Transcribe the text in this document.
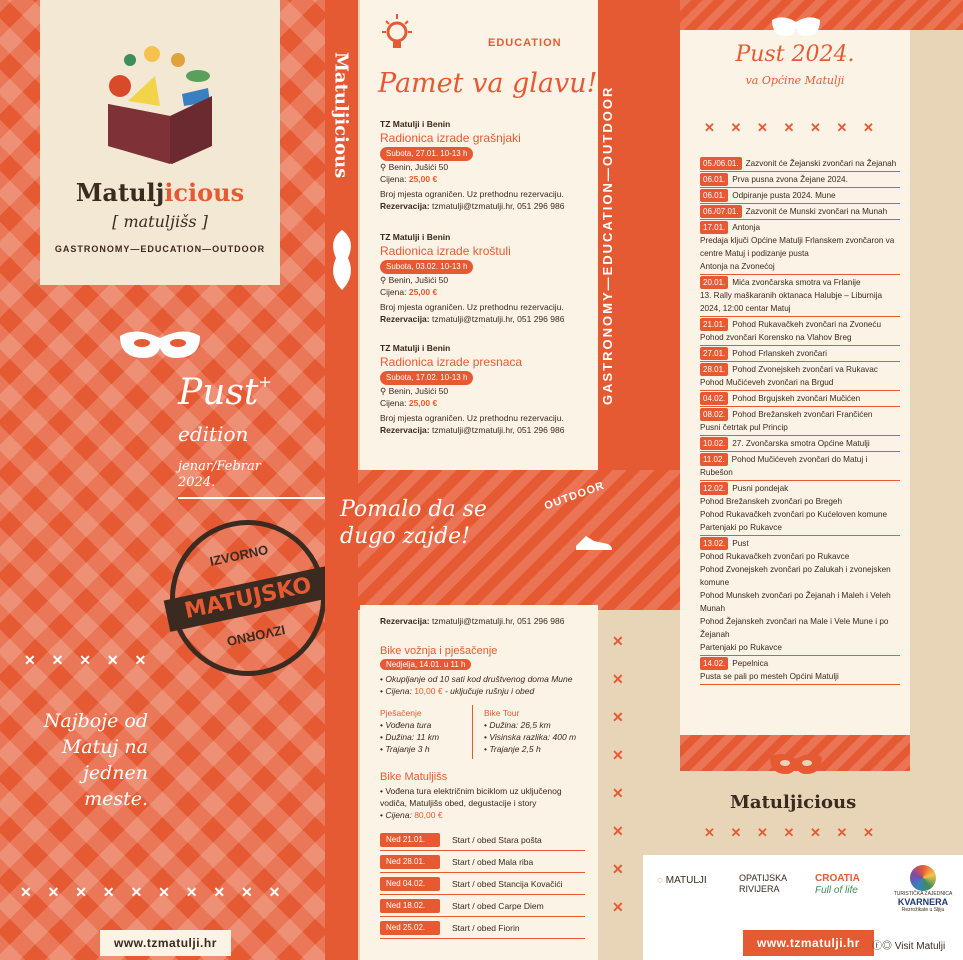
Matuljicious
[ matuljišs ]
GASTRONOMY—EDUCATION—OUTDOOR
Pust+
edition
jenar/Febrar
2024.
IZVORNO
MATUJSKO
IZVORNO
✕ ✕ ✕ ✕ ✕
Najboje od Matuj na jednen meste.
✕ ✕ ✕ ✕ ✕ ✕ ✕ ✕ ✕ ✕
www.tzmatulji.hr
Matuljicious
EDUCATION
Pamet va glavu!
TZ Matulji i Benin
Radionica izrade grašnjaki
Subota, 27.01. 10-13 h
⚲ Benin, Jušići 50
Cijena: 25,00 €
Broj mjesta ograničen. Uz prethodnu rezervaciju.
Rezervacija: tzmatulji@tzmatulji.hr, 051 296 986
TZ Matulji i Benin
Radionica izrade kroštuli
Subota, 03.02. 10-13 h
⚲ Benin, Jušići 50
Cijena: 25,00 €
Broj mjesta ograničen. Uz prethodnu rezervaciju.
Rezervacija: tzmatulji@tzmatulji.hr, 051 296 986
TZ Matulji i Benin
Radionica izrade presnaca
Subota, 17.02. 10-13 h
⚲ Benin, Jušići 50
Cijena: 25,00 €
Broj mjesta ograničen. Uz prethodnu rezervaciju.
Rezervacija: tzmatulji@tzmatulji.hr, 051 296 986
Pomalo da se
dugo zajde!
OUTDOOR
Rezervacija: tzmatulji@tzmatulji.hr, 051 296 986
Bike vožnja i pješačenje
Nedjelja, 14.01. u 11 h
• Okupljanje od 10 sati kod društvenog doma Mune
• Cijena: 10,00 € - uključuje rušnju i obed
Pješačenje
• Vođena tura
• Dužina: 11 km
• Trajanje 3 h
Bike Tour
• Dužina: 26,5 km
• Visinska razlika: 400 m
• Trajanje 2,5 h
Bike Matuljišs
• Vođena tura električnim biciklom uz uključenog vodiča, Matuljišs obed, degustacije i story
• Cijena: 80,00 €
Ned 21.01.	Start / obed Stara pošta
Ned 28.01.	Start / obed Mala riba
Ned 04.02.	Start / obed Stancija Kovačići
Ned 18.02.	Start / obed Carpe Diem
Ned 25.02.	Start / obed Fiorin
GASTRONOMY—EDUCATION—OUTDOOR
✕ ✕ ✕ ✕ ✕ ✕ ✕ ✕
Pust 2024.
va Općine Matulji
✕ ✕ ✕ ✕ ✕ ✕ ✕
05./06.01. Zazvonit će Žejanski zvončari na Žejanah
06.01. Prva pusna zvona Žejane 2024.
06.01. Odpiranje pusta 2024. Mune
06./07.01. Zazvonit će Munski zvončari na Munah
17.01. Antonja
Predaja ključi Općine Matulji Frlanskem zvončaron va centre Matuj i podizanje pusta
Antonja na Zvonećoj
20.01. Mića zvončarska smotra va Frlanije
13. Rally maškaranih oktanaca Halubje – Liburnija 2024, 12:00 centar Matuj
21.01. Pohod Rukavačkeh zvončari na Zvoneću
Pohod zvončari Korensko na Vlahov Breg
27.01. Pohod Frlanskeh zvončari
28.01. Pohod Zvonejskeh zvončari va Rukavac
Pohod Mučićeveh zvončari na Brgud
04.02. Pohod Brgujskeh zvončari Mučićen
08.02. Pohod Brežanskeh zvončari Frančićen
Pusni četrtak pul Princip
10.02. 27. Zvončarska smotra Općine Matulji
11.02. Pohod Mučićeveh zvončari do Matuj i Rubešon
12.02. Pusni pondejak
Pohod Brežanskeh zvončari po Bregeh
Pohod Rukavačkeh zvončari po Kućeloven komune
Partenjaki po Rukavce
13.02. Pust
Pohod Rukavačkeh zvončari po Rukavce
Pohod Zvonejskeh zvončari po Zalukah i zvonejsken komune
Pohod Munskeh zvončari po Žejanah i Maleh i Veleh Munah
Pohod Žejanskeh zvončari na Male i Vele Mune i po Žejanah
Partenjaki po Rukavce
14.02. Pepelnica
Pusta se pali po mesteh Općini Matulji
Matuljicious
✕ ✕ ✕ ✕ ✕ ✕ ✕
◌ MATULJI	OPATIJSKA
RIVIJERA
CROATIA
Full of life	TURISTIČKA ZAJEDNICA
KVARNERA
Rezrožikate u Sljiju
www.tzmatulji.hr	ⓕ◎ Visit Matulji
